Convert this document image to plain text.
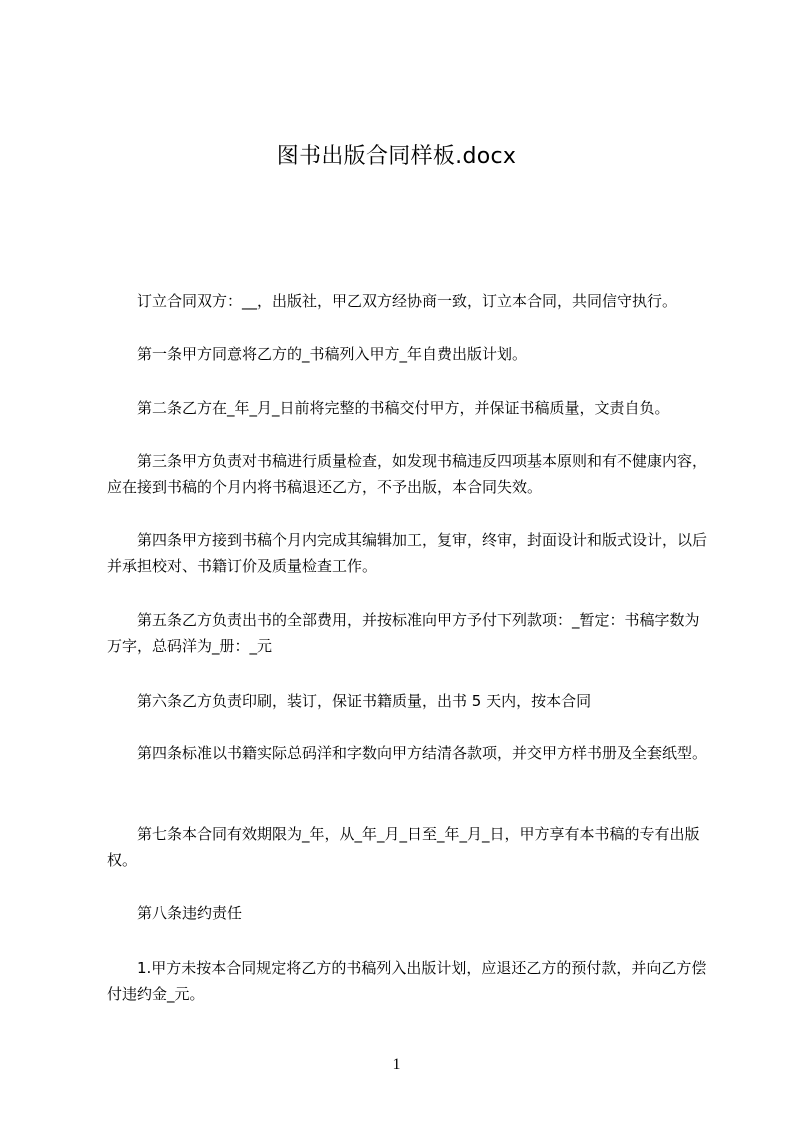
图书出版合同样板.docx

订立合同双方：__，出版社，甲乙双方经协商一致，订立本合同，共同信守执行。

第一条甲方同意将乙方的_书稿列入甲方_年自费出版计划。

第二条乙方在_年_月_日前将完整的书稿交付甲方，并保证书稿质量，文责自负。

第三条甲方负责对书稿进行质量检查，如发现书稿违反四项基本原则和有不健康内容，应在接到书稿的个月内将书稿退还乙方，不予出版，本合同失效。

第四条甲方接到书稿个月内完成其编辑加工，复审，终审，封面设计和版式设计，以后并承担校对、书籍订价及质量检查工作。

第五条乙方负责出书的全部费用，并按标准向甲方予付下列款项：_暂定：书稿字数为万字，总码洋为_册：_元

第六条乙方负责印刷，装订，保证书籍质量，出书 5 天内，按本合同

第四条标准以书籍实际总码洋和字数向甲方结清各款项，并交甲方样书册及全套纸型。

第七条本合同有效期限为_年，从_年_月_日至_年_月_日，甲方享有本书稿的专有出版权。

第八条违约责任

1.甲方未按本合同规定将乙方的书稿列入出版计划，应退还乙方的预付款，并向乙方偿付违约金_元。

1
